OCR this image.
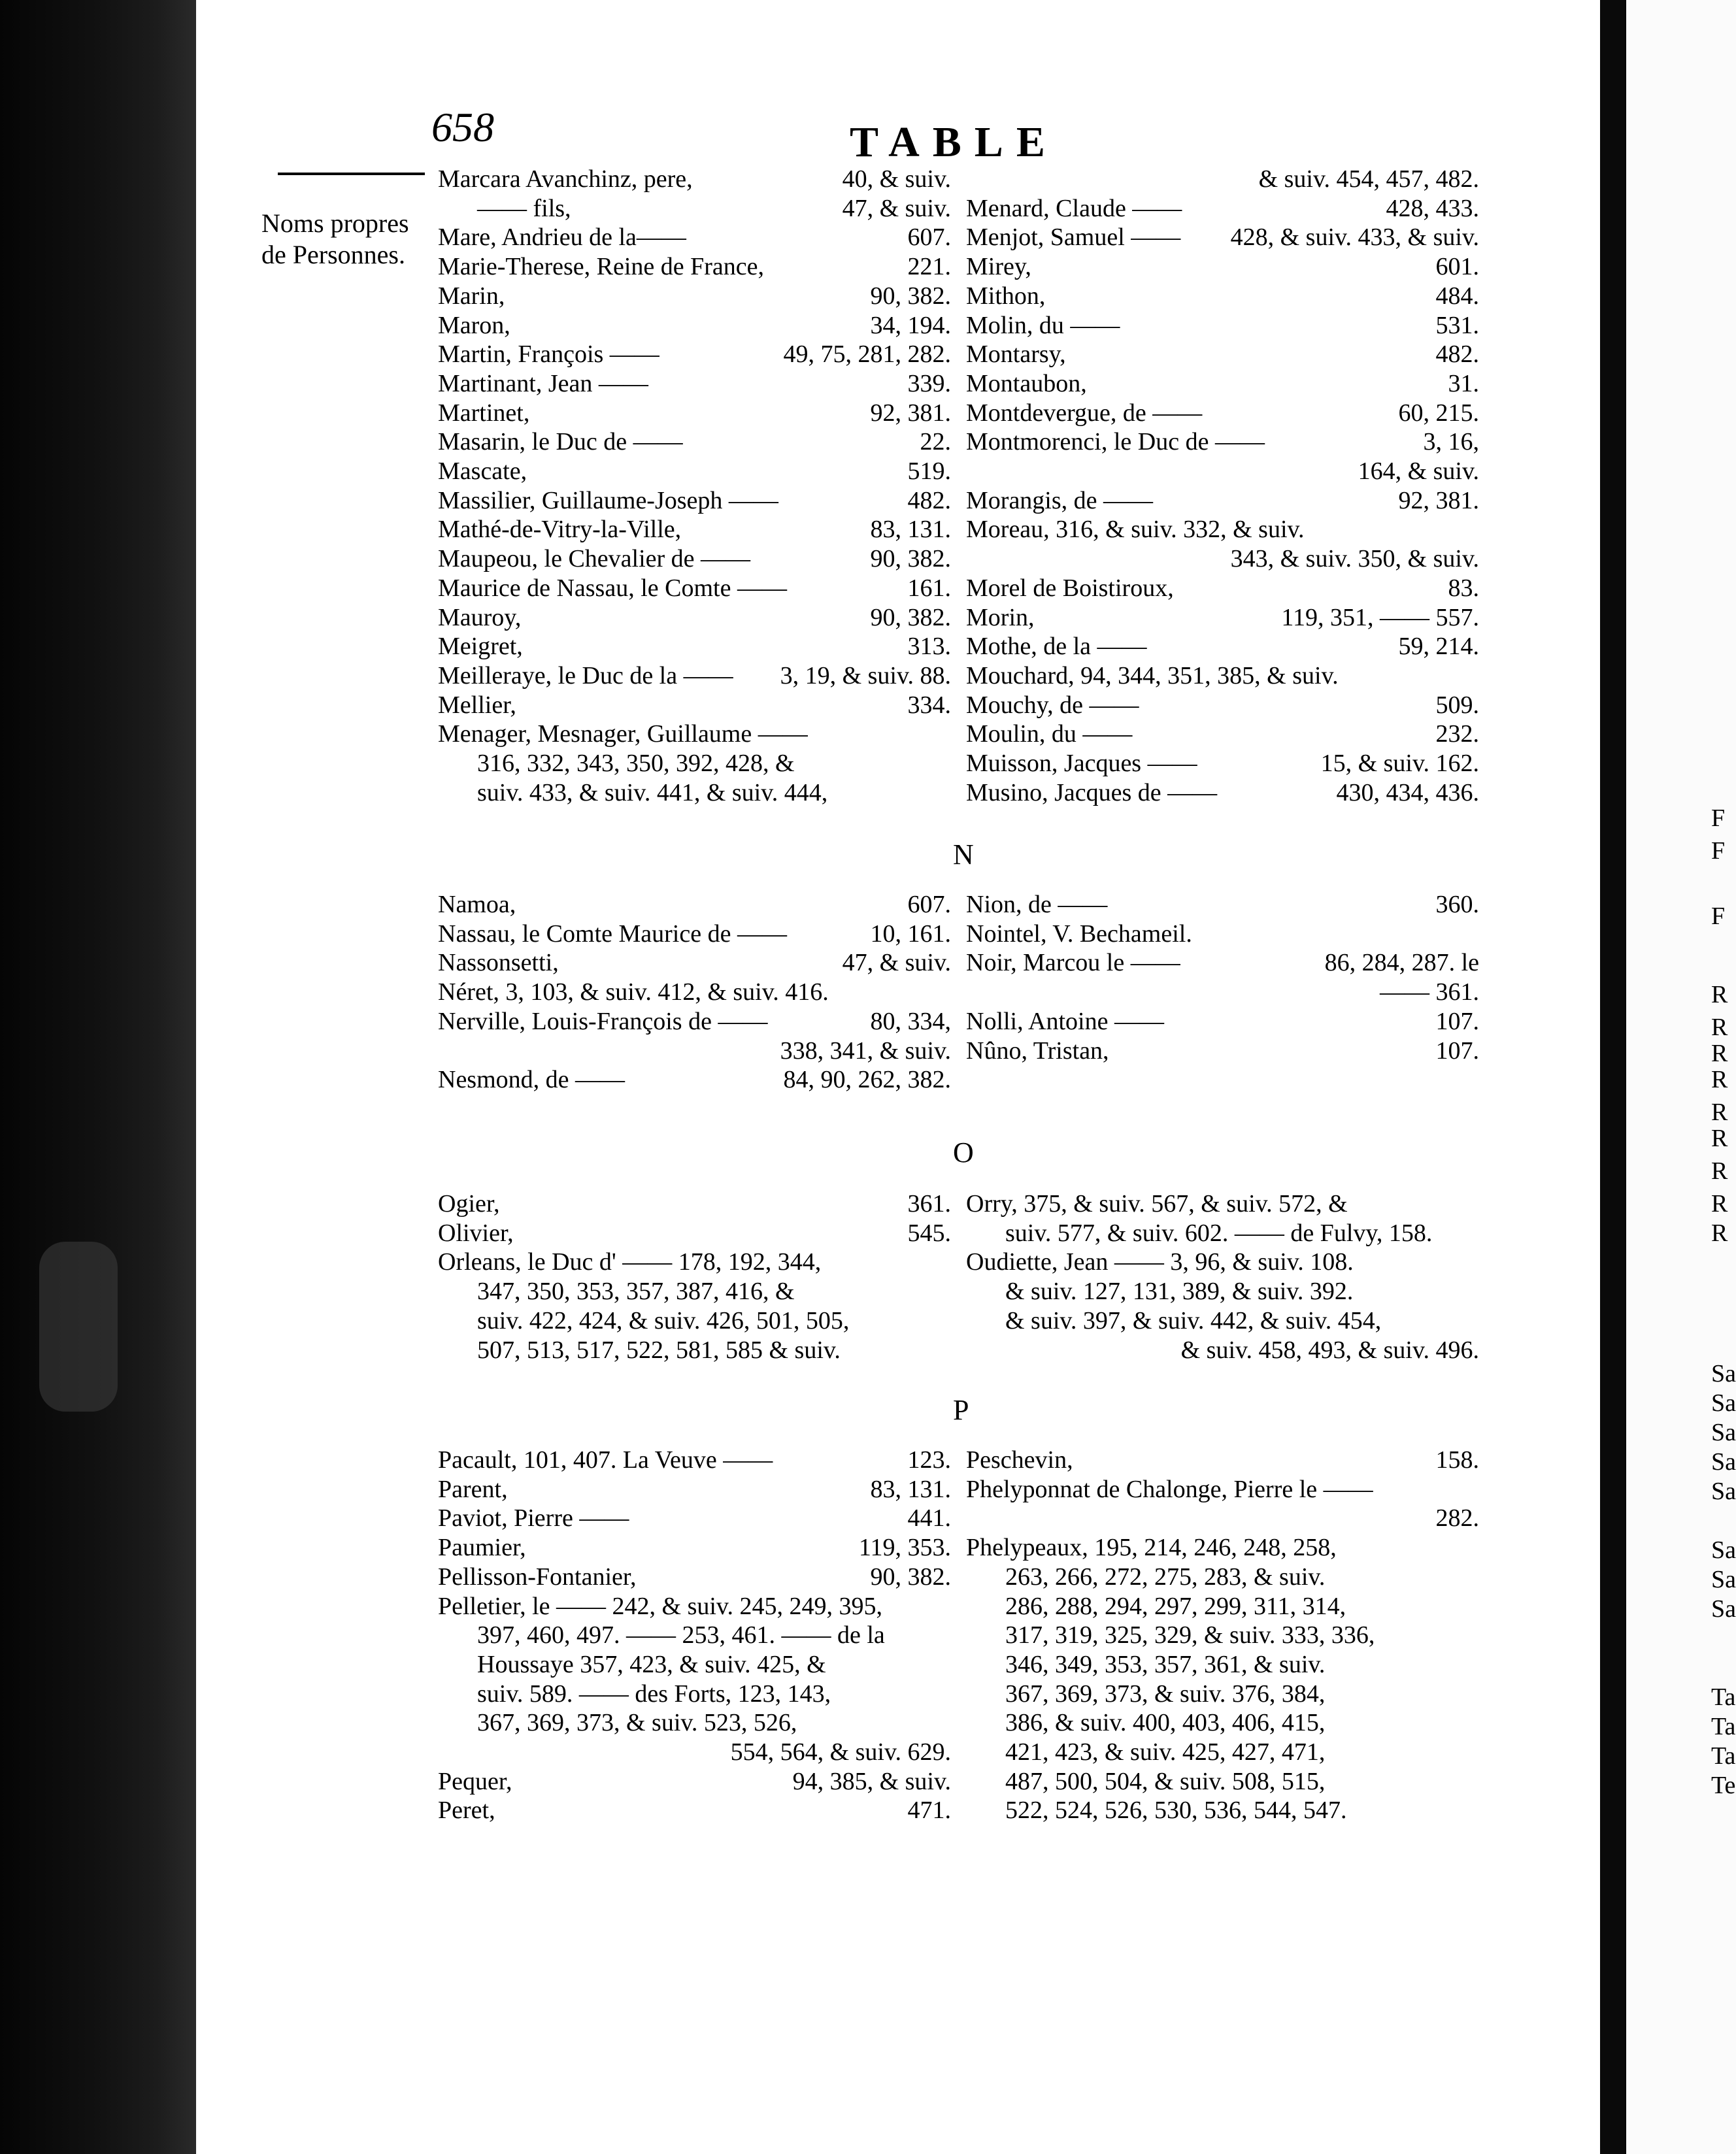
F
F
F
R
R
R
R
R
R
R
R
R
Sa
Sa
Sa
Sa
Sa
Sa
Sa
Sa
Ta
Ta
Ta
Te
658	TABLE
Noms propres
de Personnes.
Marcara Avanchinz, pere,	40, & suiv.
—— fils,	47, & suiv.
Mare, Andrieu de la——	607.
Marie-Therese, Reine de France,	221.
Marin,	90, 382.
Maron,	34, 194.
Martin, François ——	49, 75, 281, 282.
Martinant, Jean ——	339.
Martinet,	92, 381.
Masarin, le Duc de ——	22.
Mascate,	519.
Massilier, Guillaume-Joseph ——	482.
Mathé-de-Vitry-la-Ville,	83, 131.
Maupeou, le Chevalier de ——	90, 382.
Maurice de Nassau, le Comte ——	161.
Mauroy,	90, 382.
Meigret,	313.
Meilleraye, le Duc de la —— 3, 19, & suiv. 88.
Mellier,	334.
Menager, Mesnager, Guillaume ——
316, 332, 343, 350, 392, 428, &
suiv. 433, & suiv. 441, & suiv. 444,
& suiv. 454, 457, 482.
Menard, Claude ——	428, 433.
Menjot, Samuel —— 428, & suiv. 433, & suiv.
Mirey,	601.
Mithon,	484.
Molin, du ——	531.
Montarsy,	482.
Montaubon,	31.
Montdevergue, de ——	60, 215.
Montmorenci, le Duc de ——	3, 16,
164, & suiv.
Morangis, de ——	92, 381.
Moreau, 316, & suiv. 332, & suiv.
343, & suiv. 350, & suiv.
Morel de Boistiroux,	83.
Morin,	119, 351, —— 557.
Mothe, de la ——	59, 214.
Mouchard, 94, 344, 351, 385, & suiv.
Mouchy, de ——	509.
Moulin, du ——	232.
Muisson, Jacques ——	15, & suiv. 162.
Musino, Jacques de ——	430, 434, 436.
N
Namoa,	607.
Nassau, le Comte Maurice de ——	10, 161.
Nassonsetti,	47, & suiv.
Néret, 3, 103, & suiv. 412, & suiv. 416.
Nerville, Louis-François de ——	80, 334,
338, 341, & suiv.
Nesmond, de ——	84, 90, 262, 382.
Nion, de ——	360.
Nointel, V. Bechameil.
Noir, Marcou le ——	86, 284, 287. le
—— 361.
Nolli, Antoine ——	107.
Nûno, Tristan,	107.
O
Ogier,	361.
Olivier,	545.
Orleans, le Duc d' —— 178, 192, 344,
347, 350, 353, 357, 387, 416, &
suiv. 422, 424, & suiv. 426, 501, 505,
507, 513, 517, 522, 581, 585 & suiv.
Orry, 375, & suiv. 567, & suiv. 572, &
suiv. 577, & suiv. 602. —— de Fulvy, 158.
Oudiette, Jean —— 3, 96, & suiv. 108.
& suiv. 127, 131, 389, & suiv. 392.
& suiv. 397, & suiv. 442, & suiv. 454,
& suiv. 458, 493, & suiv. 496.
P
Pacault, 101, 407. La Veuve ——	123.
Parent,	83, 131.
Paviot, Pierre ——	441.
Paumier,	119, 353.
Pellisson-Fontanier,	90, 382.
Pelletier, le —— 242, & suiv. 245, 249, 395,
397, 460, 497. —— 253, 461. —— de la
Houssaye 357, 423, & suiv. 425, &
suiv. 589. —— des Forts, 123, 143,
367, 369, 373, & suiv. 523, 526,
554, 564, & suiv. 629.
Pequer,	94, 385, & suiv.
Peret,	471.
Peschevin,	158.
Phelyponnat de Chalonge, Pierre le ——
282.
Phelypeaux, 195, 214, 246, 248, 258,
263, 266, 272, 275, 283, & suiv.
286, 288, 294, 297, 299, 311, 314,
317, 319, 325, 329, & suiv. 333, 336,
346, 349, 353, 357, 361, & suiv.
367, 369, 373, & suiv. 376, 384,
386, & suiv. 400, 403, 406, 415,
421, 423, & suiv. 425, 427, 471,
487, 500, 504, & suiv. 508, 515,
522, 524, 526, 530, 536, 544, 547.
